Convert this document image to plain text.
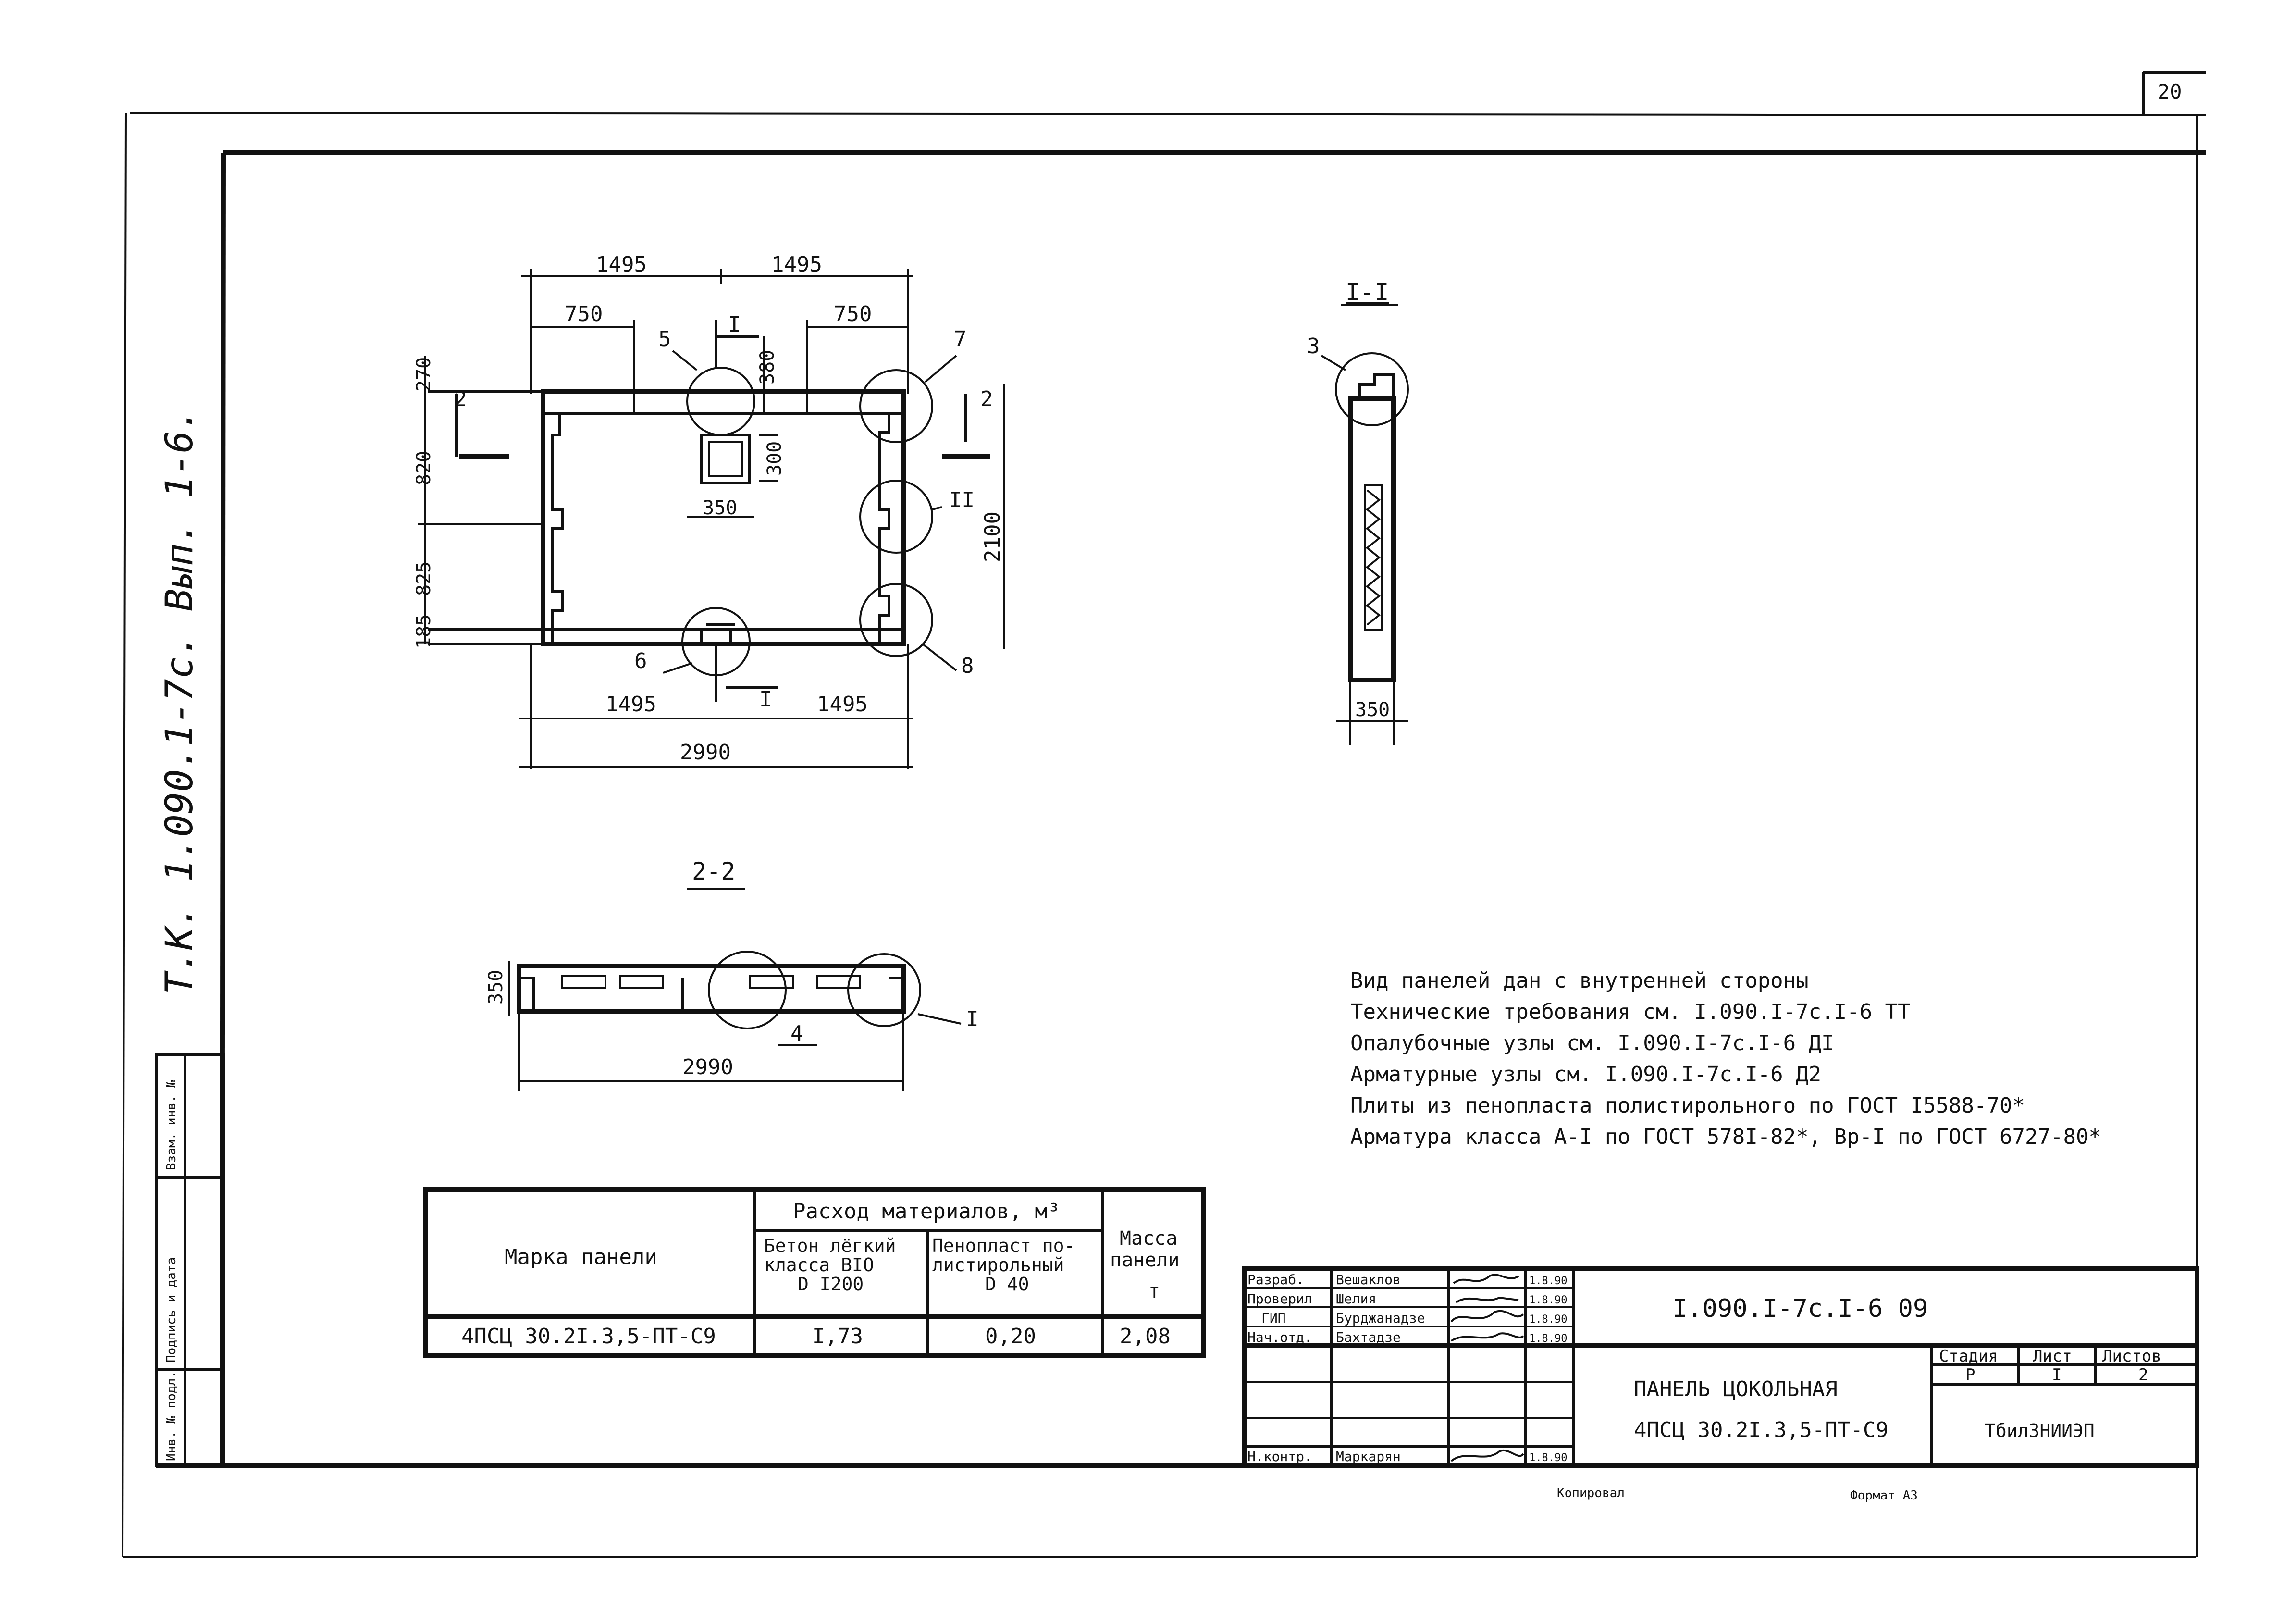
20
Инв. № подл.
Подпись и дата
Взам. инв. №
Т.К. 1.090.1-7с. Вып. 1-6.
5	7
II
6	8
1495	1495
750	750
I
380
300
350
270
820
825
185
2	2
2100
I
1495	1495
2990
I-I
3
350
2-2
4
I
350
2990
Вид панелей дан с внутренней стороны
Технические требования см. I.090.I-7с.I-6 ТТ
Опалубочные узлы см. I.090.I-7с.I-6 ДI
Арматурные узлы см. I.090.I-7с.I-6 Д2
Плиты из пенопласта полистирольного по ГОСТ I5588-70*
Арматура класса А-I по ГОСТ 578I-82*, Вр-I по ГОСТ 6727-80*
Марка панели
Расход материалов, м³
Бетон лёгкий
класса BIO
D I200
Пенопласт по-
листирольный
D 40
Масса
панели
т
4ПСЦ 30.2I.3,5-ПТ-С9	I,73	0,20	2,08
I.090.I-7с.I-6 09
ПАНЕЛЬ ЦОКОЛЬНАЯ
4ПСЦ 30.2I.3,5-ПТ-С9
Стадия Лист Листов
Р	I	2
ТбилЗНИИЭП
Разраб. Вешаклов	1.8.90
Проверил Шелия	1.8.90
ГИП	Бурджанадзе	1.8.90
Нач.отд. Бахтадзе	1.8.90
Н.контр. Маркарян	1.8.90
Копировал	Формат А3
